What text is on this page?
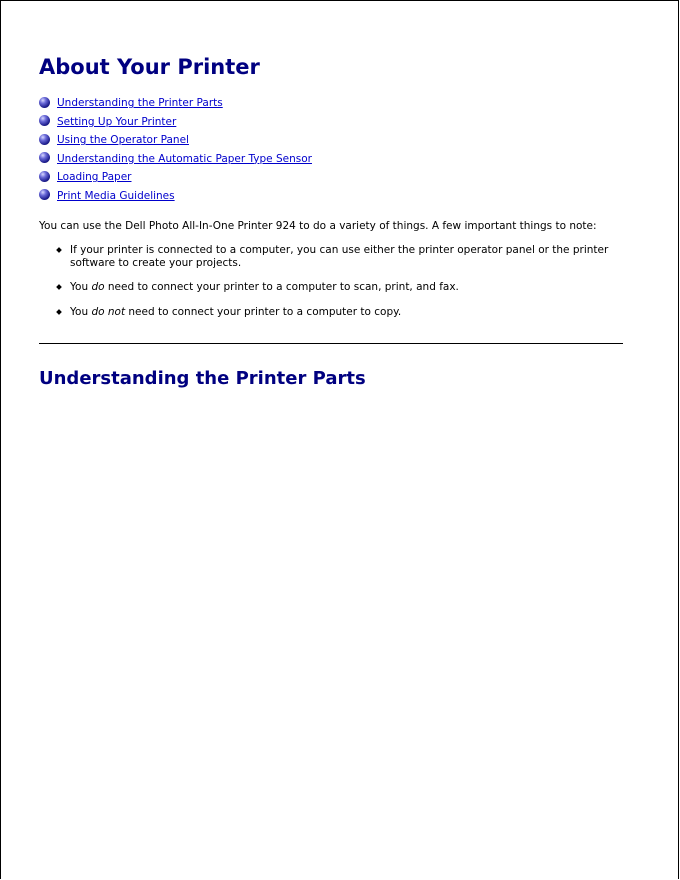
About Your Printer
Understanding the Printer Parts
Setting Up Your Printer
Using the Operator Panel
Understanding the Automatic Paper Type Sensor
Loading Paper
Print Media Guidelines

You can use the Dell Photo All-In-One Printer 924 to do a variety of things. A few important things to note:

If your printer is connected to a computer, you can use either the printer operator panel or the printer software to create your projects.
You do need to connect your printer to a computer to scan, print, and fax.
You do not need to connect your printer to a computer to copy.
Understanding the Printer Parts
